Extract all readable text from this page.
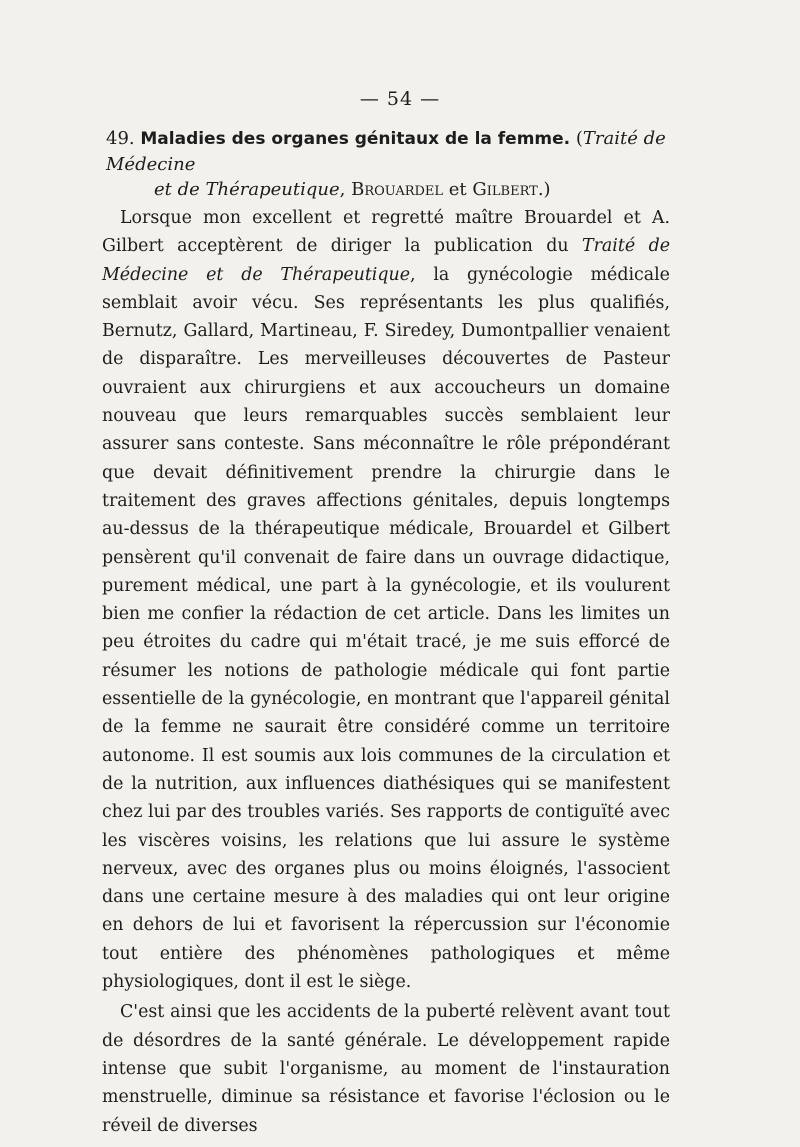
— 54 —
49. Maladies des organes génitaux de la femme. (Traité de Médecine
et de Thérapeutique, Brouardel et Gilbert.)

Lorsque mon excellent et regretté maître Brouardel et A. Gilbert acceptèrent de diriger la publication du Traité de Médecine et de Thérapeutique, la gynécologie médicale semblait avoir vécu. Ses représentants les plus qualifiés, Bernutz, Gallard, Martineau, F. Siredey, Dumontpallier venaient de disparaître. Les merveilleuses découvertes de Pasteur ouvraient aux chirurgiens et aux accoucheurs un domaine nouveau que leurs remarquables succès semblaient leur assurer sans conteste. Sans méconnaître le rôle prépondérant que devait définitivement prendre la chirurgie dans le traitement des graves affections génitales, depuis longtemps au-dessus de la thérapeutique médicale, Brouardel et Gilbert pensèrent qu'il convenait de faire dans un ouvrage didactique, purement médical, une part à la gynécologie, et ils voulurent bien me confier la rédaction de cet article. Dans les limites un peu étroites du cadre qui m'était tracé, je me suis efforcé de résumer les notions de pathologie médicale qui font partie essentielle de la gynécologie, en montrant que l'appareil génital de la femme ne saurait être considéré comme un territoire autonome. Il est soumis aux lois communes de la circulation et de la nutrition, aux influences diathésiques qui se manifestent chez lui par des troubles variés. Ses rapports de contiguïté avec les viscères voisins, les relations que lui assure le système nerveux, avec des organes plus ou moins éloignés, l'associent dans une certaine mesure à des maladies qui ont leur origine en dehors de lui et favorisent la répercussion sur l'économie tout entière des phénomènes pathologiques et même physiologiques, dont il est le siège.

C'est ainsi que les accidents de la puberté relèvent avant tout de désordres de la santé générale. Le développement rapide intense que subit l'organisme, au moment de l'instauration menstruelle, diminue sa résistance et favorise l'éclosion ou le réveil de diverses
